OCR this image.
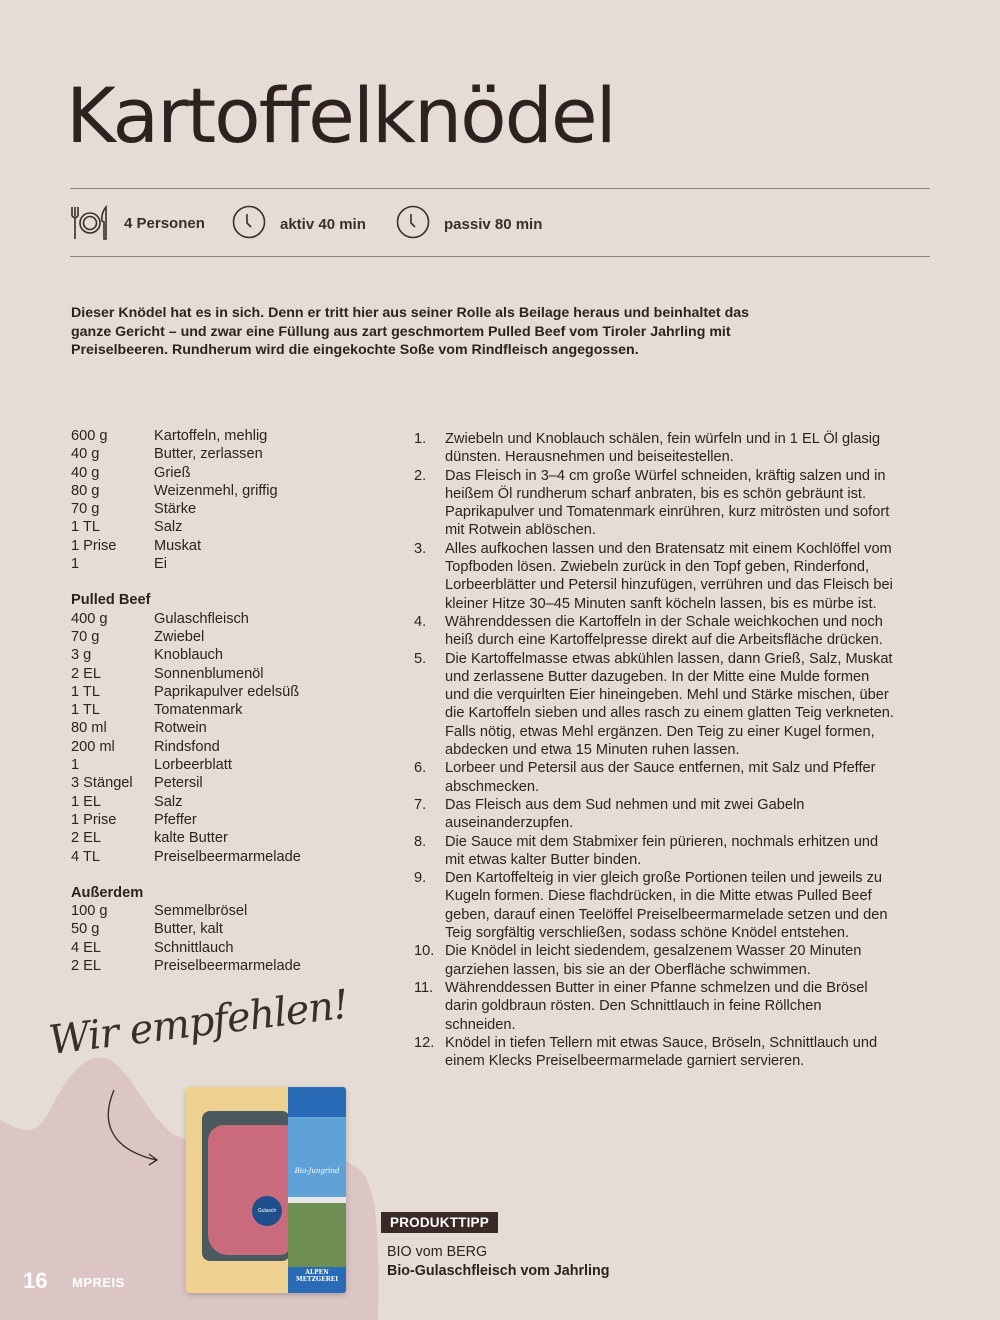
Kartoffelknödel
4 Personen	aktiv 40 min	passiv 80 min

Dieser Knödel hat es in sich. Denn er tritt hier aus seiner Rolle als Beilage heraus und beinhaltet das ganze Gericht – und zwar eine Füllung aus zart geschmortem Pulled Beef vom Tiroler Jahrling mit Preiselbeeren. Rundherum wird die eingekochte Soße vom Rindfleisch angegossen.

600 g	Kartoffeln, mehlig
40 g	Butter, zerlassen
40 g	Grieß
80 g	Weizenmehl, griffig
70 g	Stärke
1 TL	Salz
1 Prise	Muskat
1	Ei
Pulled Beef
400 g	Gulaschfleisch
70 g	Zwiebel
3 g	Knoblauch
2 EL	Sonnenblumenöl
1 TL	Paprikapulver edelsüß
1 TL	Tomatenmark
80 ml	Rotwein
200 ml	Rindsfond
1	Lorbeerblatt
3 Stängel	Petersil
1 EL	Salz
1 Prise	Pfeffer
2 EL	kalte Butter
4 TL	Preiselbeermarmelade
Außerdem
100 g	Semmelbrösel
50 g	Butter, kalt
4 EL	Schnittlauch
2 EL	Preiselbeermarmelade
1.	Zwiebeln und Knoblauch schälen, fein würfeln und in 1 EL Öl glasig dünsten. Herausnehmen und beiseitestellen.
2.	Das Fleisch in 3–4 cm große Würfel schneiden, kräftig salzen und in heißem Öl rundherum scharf anbraten, bis es schön gebräunt ist. Paprikapulver und Tomatenmark einrühren, kurz mitrösten und sofort mit Rotwein ablöschen.
3.	Alles aufkochen lassen und den Bratensatz mit einem Kochlöffel vom Topfboden lösen. Zwiebeln zurück in den Topf geben, Rinderfond, Lorbeerblätter und Petersil hinzufügen, verrühren und das Fleisch bei kleiner Hitze 30–45 Minuten sanft köcheln lassen, bis es mürbe ist.
4.	Währenddessen die Kartoffeln in der Schale weichkochen und noch heiß durch eine Kartoffelpresse direkt auf die Arbeitsfläche drücken.
5.	Die Kartoffelmasse etwas abkühlen lassen, dann Grieß, Salz, Muskat und zerlassene Butter dazugeben. In der Mitte eine Mulde formen und die verquirlten Eier hineingeben. Mehl und Stärke mischen, über die Kartoffeln sieben und alles rasch zu einem glatten Teig verkneten. Falls nötig, etwas Mehl ergänzen. Den Teig zu einer Kugel formen, abdecken und etwa 15 Minuten ruhen lassen.
6.	Lorbeer und Petersil aus der Sauce entfernen, mit Salz und Pfeffer abschmecken.
7.	Das Fleisch aus dem Sud nehmen und mit zwei Gabeln auseinanderzupfen.
8.	Die Sauce mit dem Stabmixer fein pürieren, nochmals erhitzen und mit etwas kalter Butter binden.
9.	Den Kartoffelteig in vier gleich große Portionen teilen und jeweils zu Kugeln formen. Diese flachdrücken, in die Mitte etwas Pulled Beef geben, darauf einen Teelöffel Preiselbeermarmelade setzen und den Teig sorgfältig verschließen, sodass schöne Knödel entstehen.
10. Die Knödel in leicht siedendem, gesalzenem Wasser 20 Minuten garziehen lassen, bis sie an der Oberfläche schwimmen.
11. Währenddessen Butter in einer Pfanne schmelzen und die Brösel darin goldbraun rösten. Den Schnittlauch in feine Röllchen schneiden.
12. Knödel in tiefen Tellern mit etwas Sauce, Bröseln, Schnittlauch und einem Klecks Preiselbeermarmelade garniert servieren.
Wir empfehlen!
Gulasch
Bio-Jungrind
ALPEN METZGEREI
PRODUKTTIPP
BIO vom BERG
Bio-Gulaschfleisch vom Jahrling
16 MPREIS
